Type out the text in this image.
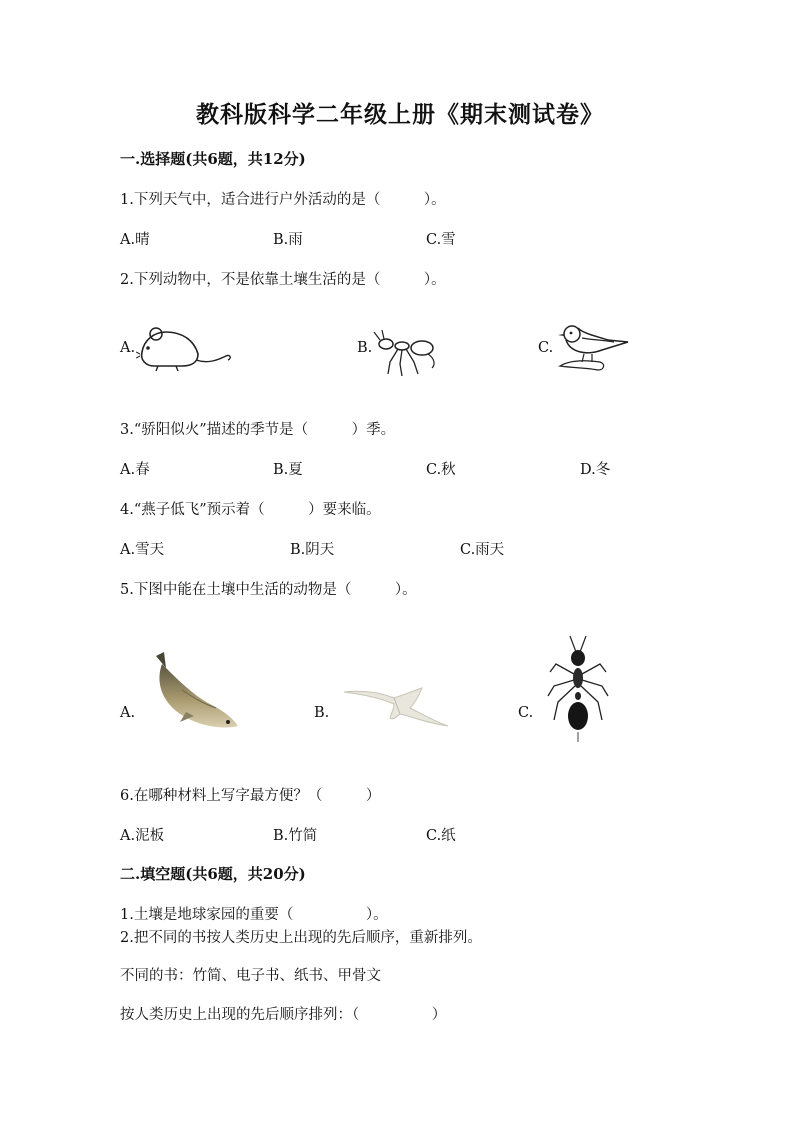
教科版科学二年级上册《期末测试卷》
一.选择题(共6题，共12分)
1.下列天气中，适合进行户外活动的是（　　　）。
A.晴	B.雨	C.雪
2.下列动物中，不是依靠土壤生活的是（　　　）。
A.	B.	C.
3.“骄阳似火”描述的季节是（　　　）季。
A.春	B.夏	C.秋	D.冬
4.“燕子低飞”预示着（　　　）要来临。
A.雪天	B.阴天	C.雨天
5.下图中能在土壤中生活的动物是（　　　）。
A.	B.	C.
6.在哪种材料上写字最方便？（　　　）
A.泥板	B.竹简	C.纸
二.填空题(共6题，共20分)
1.土壤是地球家园的重要（　　　　　）。
2.把不同的书按人类历史上出现的先后顺序，重新排列。
不同的书：竹简、电子书、纸书、甲骨文
按人类历史上出现的先后顺序排列：（　　　　　）
